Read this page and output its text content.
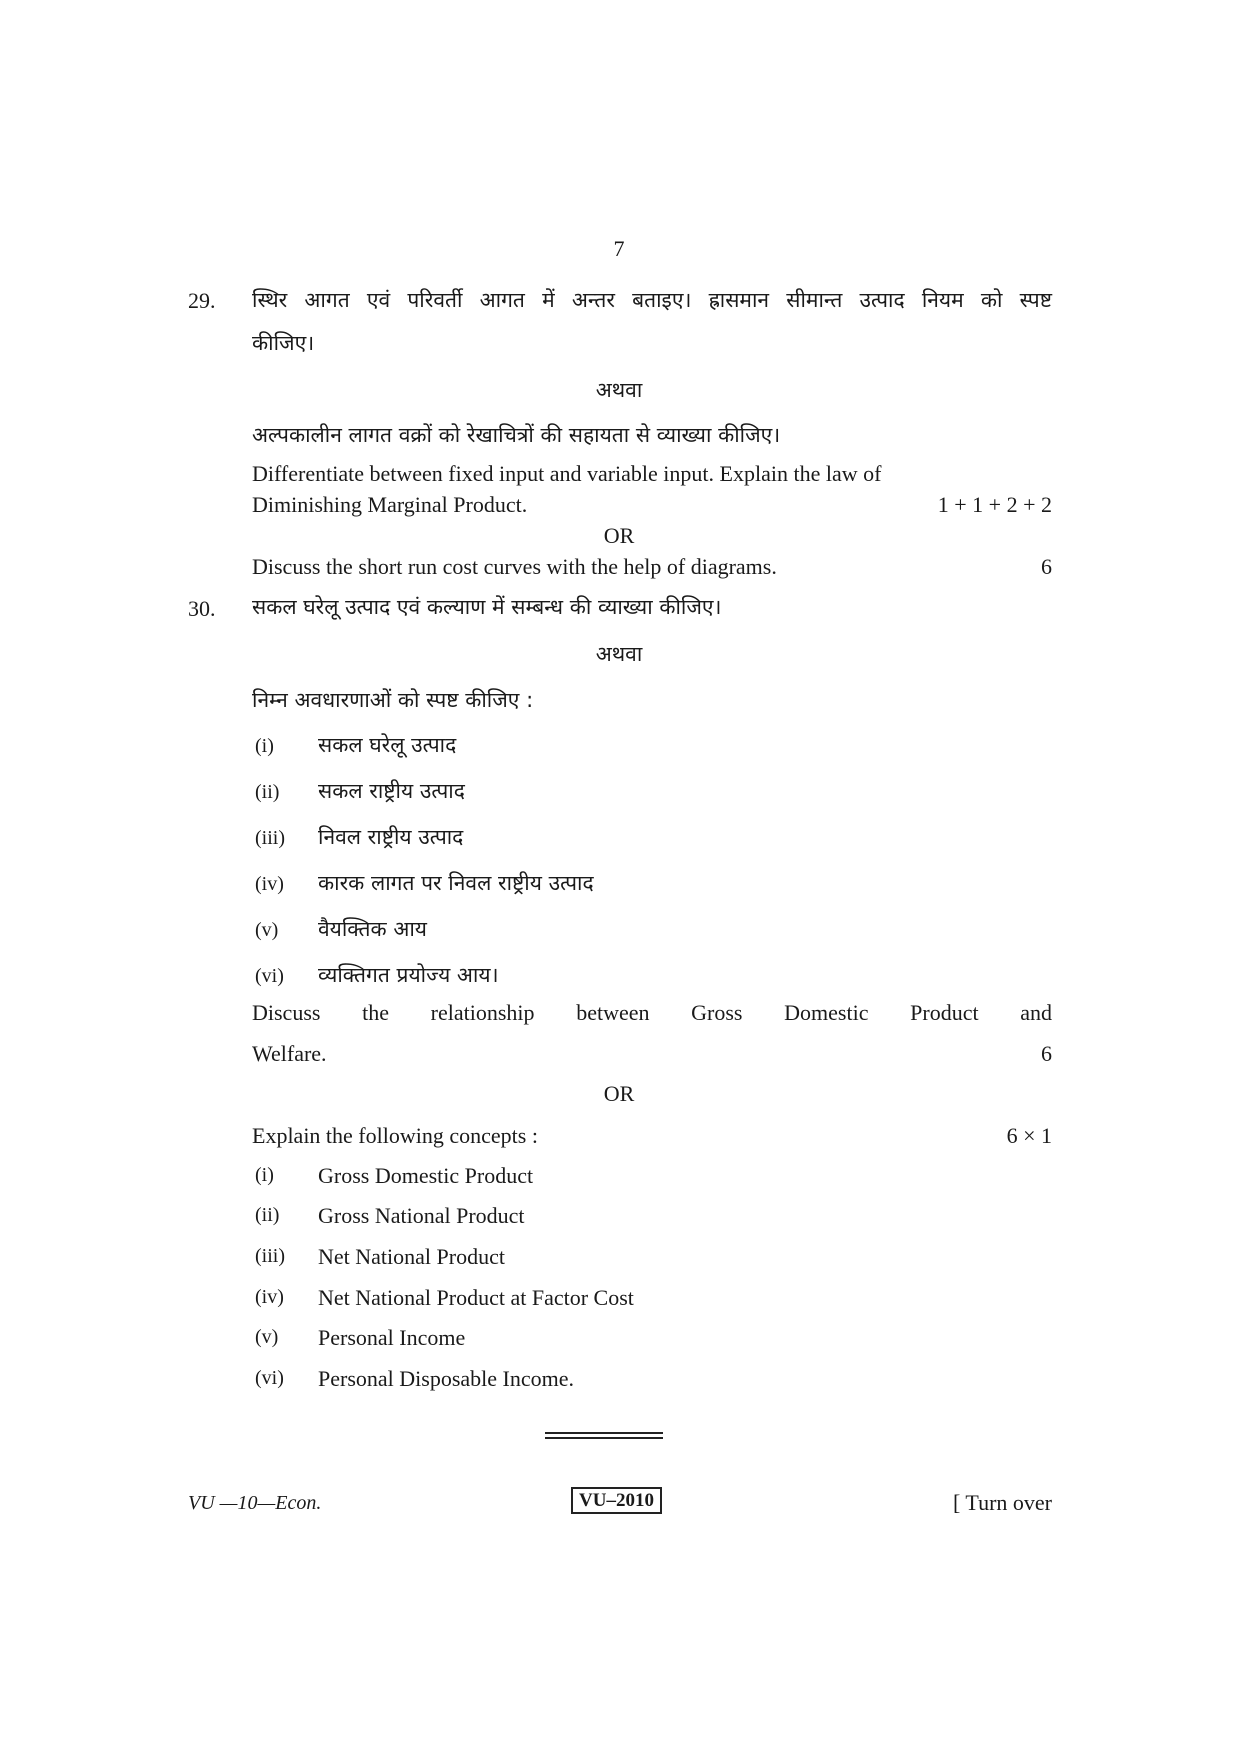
7
29. स्थिर आगत एवं परिवर्ती आगत में अन्तर बताइए। ह्रासमान सीमान्त उत्पाद नियम को स्पष्ट
कीजिए।
अथवा
अल्पकालीन लागत वक्रों को रेखाचित्रों की सहायता से व्याख्या कीजिए।
Differentiate between fixed input and variable input. Explain the law of
Diminishing Marginal Product.	1 + 1 + 2 + 2
OR
Discuss the short run cost curves with the help of diagrams.	6
30. सकल घरेलू उत्पाद एवं कल्याण में सम्बन्ध की व्याख्या कीजिए।
अथवा
निम्न अवधारणाओं को स्पष्ट कीजिए :
(i) सकल घरेलू उत्पाद
(ii) सकल राष्ट्रीय उत्पाद
(iii) निवल राष्ट्रीय उत्पाद
(iv) कारक लागत पर निवल राष्ट्रीय उत्पाद
(v) वैयक्तिक आय
(vi) व्यक्तिगत प्रयोज्य आय।
Discuss the relationship between Gross Domestic Product and
Welfare.	6
OR
Explain the following concepts :	6 × 1
(i) Gross Domestic Product
(ii) Gross National Product
(iii) Net National Product
(iv) Net National Product at Factor Cost
(v) Personal Income
(vi) Personal Disposable Income.
VU —10—Econ.	VU–2010	[ Turn over
